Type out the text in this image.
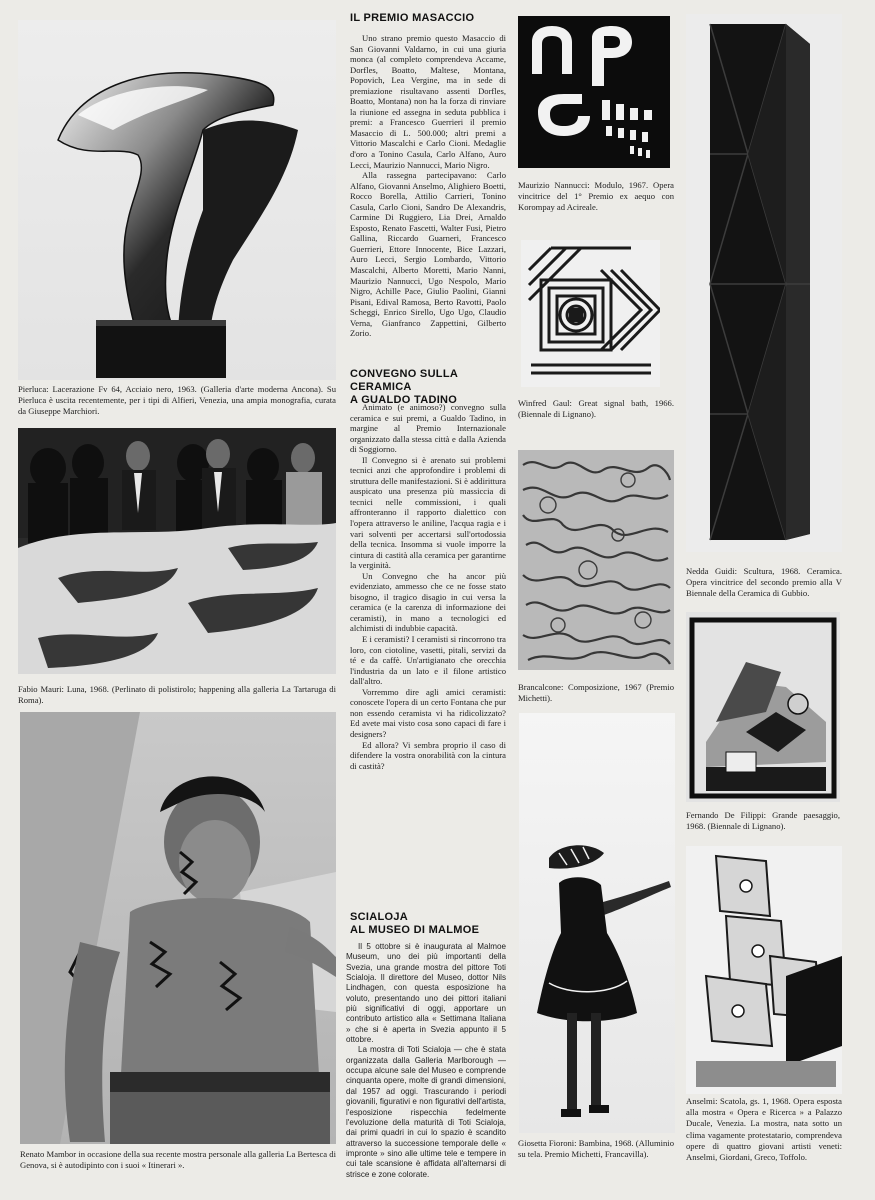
Pierluca: Lacerazione Fv 64, Acciaio nero, 1963. (Galleria d'arte moderna Ancona). Su Pierluca è uscita recentemente, per i tipi di Alfieri, Venezia, una ampia monografia, curata da Giuseppe Marchiori.
Fabio Mauri: Luna, 1968. (Perlinato di polistirolo; happening alla galleria La Tartaruga di Roma).
Renato Mambor in occasione della sua recente mostra personale alla galleria La Bertesca di Genova, si è autodipinto con i suoi « Itinerari ».
IL PREMIO MASACCIO

Uno strano premio questo Masaccio di San Giovanni Valdarno, in cui una giuria monca (al completo comprendeva Accame, Dorfles, Boatto, Maltese, Montana, Popovich, Lea Vergine, ma in sede di premiazione risultavano assenti Dorfles, Boatto, Montana) non ha la forza di rinviare la riunione ed assegna in seduta pubblica i premi: a Francesco Guerrieri il premio Masaccio di L. 500.000; altri premi a Vittorio Mascalchi e Carlo Cioni. Medaglie d'oro a Tonino Casula, Carlo Alfano, Auro Lecci, Maurizio Nannucci, Mario Nigro.

Alla rassegna partecipavano: Carlo Alfano, Giovanni Anselmo, Alighiero Boetti, Rocco Borella, Attilio Carrieri, Tonino Casula, Carlo Cioni, Sandro De Alexandris, Carmine Di Ruggiero, Lia Drei, Arnaldo Esposto, Renato Fascetti, Walter Fusi, Pietro Gallina, Riccardo Guarneri, Francesco Guerrieri, Ettore Innocente, Bice Lazzari, Auro Lecci, Sergio Lombardo, Vittorio Mascalchi, Alberto Moretti, Mario Nanni, Maurizio Nannucci, Ugo Nespolo, Mario Nigro, Achille Pace, Giulio Paolini, Gianni Pisani, Edival Ramosa, Berto Ravotti, Paolo Scheggi, Enrico Sirello, Ugo Ugo, Claudio Verna, Gianfranco Zappettini, Gilberto Zorio.

CONVEGNO SULLA CERAMICA
A GUALDO TADINO

Animato (e animoso?) convegno sulla ceramica e sui premi, a Gualdo Tadino, in margine al Premio Internazionale organizzato dalla stessa città e dalla Azienda di Soggiorno.

Il Convegno si è arenato sui problemi tecnici anzi che approfondire i problemi di struttura delle manifestazioni. Si è addirittura auspicato una presenza più massiccia di tecnici nelle commissioni, i quali affronteranno il rapporto dialettico con l'opera attraverso le aniline, l'acqua ragia e i vari solventi per accertarsi sull'ortodossia della tecnica. Insomma si vuole imporre la cintura di castità alla ceramica per garantirne la verginità.

Un Convegno che ha ancor più evidenziato, ammesso che ce ne fosse stato bisogno, il tragico disagio in cui versa la ceramica (e la carenza di informazione dei ceramisti), in mano a tecnologici ed alchimisti di indubbie capacità.

E i ceramisti? I ceramisti si rincorrono tra loro, con ciotoline, vasetti, pitali, servizi da té e da caffè. Un'artigianato che orecchia l'industria da un lato e il filone artistico dall'altro.

Vorremmo dire agli amici ceramisti: conoscete l'opera di un certo Fontana che pur non essendo ceramista vi ha ridicolizzato? Ed avete mai visto cosa sono capaci di fare i designers?

Ed allora? Vi sembra proprio il caso di difendere la vostra onorabilità con la cintura di castità?

SCIALOJA
AL MUSEO DI MALMOE

Il 5 ottobre si è inaugurata al Malmoe Museum, uno dei più importanti della Svezia, una grande mostra del pittore Toti Scialoja. Il direttore del Museo, dottor Nils Lindhagen, con questa esposizione ha voluto, presentando uno dei pittori italiani più significativi di oggi, apportare un contributo artistico alla « Settimana Italiana » che si è aperta in Svezia appunto il 5 ottobre.

La mostra di Toti Scialoja — che è stata organizzata dalla Galleria Marlborough — occupa alcune sale del Museo e comprende cinquanta opere, molte di grandi dimensioni, dal 1957 ad oggi. Trascurando i periodi giovanili, figurativi e non figurativi dell'artista, l'esposizione rispecchia fedelmente l'evoluzione della maturità di Toti Scialoja, dai primi quadri in cui lo spazio è scandito attraverso la successione temporale delle « impronte » sino alle ultime tele e tempere in cui tale scansione è affidata all'alternarsi di strisce e zone colorate.

Maurizio Nannucci: Modulo, 1967. Opera vincitrice del 1° Premio ex aequo con Korompay ad Acireale.
Winfred Gaul: Great signal bath, 1966. (Biennale di Lignano).
Brancalcone: Composizione, 1967 (Premio Michetti).
Giosetta Fioroni: Bambina, 1968. (Alluminio su tela. Premio Michetti, Francavilla).
Nedda Guidi: Scultura, 1968. Ceramica. Opera vincitrice del secondo premio alla V Biennale della Ceramica di Gubbio.
Fernando De Filippi: Grande paesaggio, 1968. (Biennale di Lignano).
Anselmi: Scatola, gs. 1, 1968. Opera esposta alla mostra « Opera e Ricerca » a Palazzo Ducale, Venezia. La mostra, nata sotto un clima vagamente protestatario, comprendeva opere di quattro giovani artisti veneti: Anselmi, Giordani, Greco, Toffolo.
